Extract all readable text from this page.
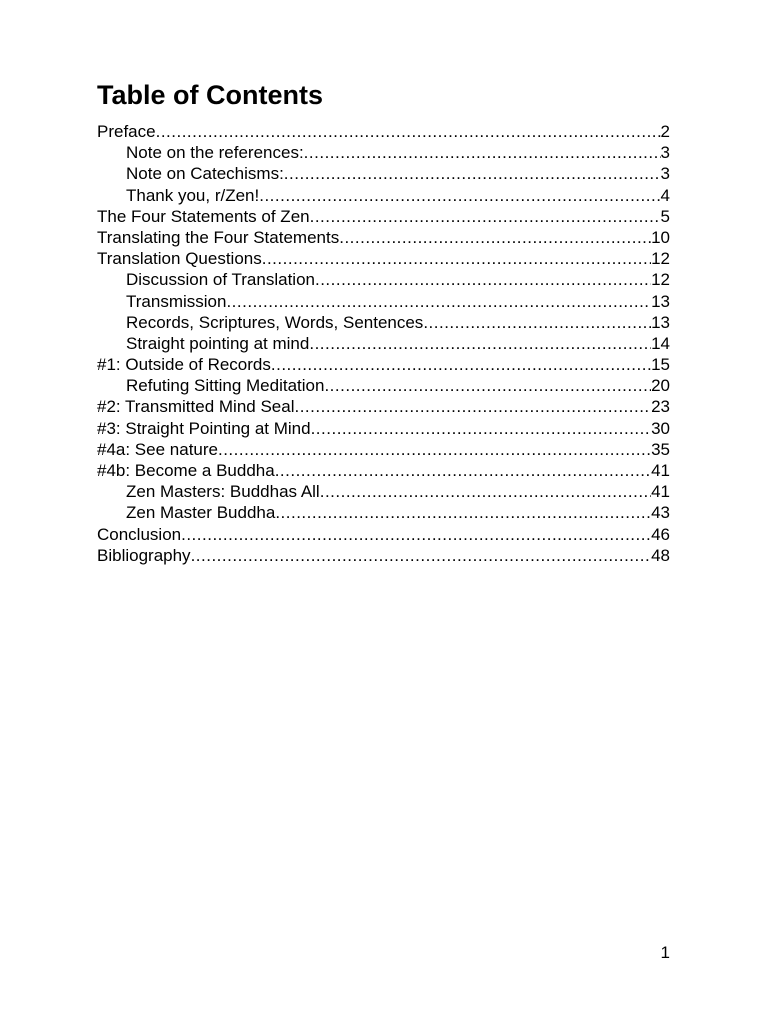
Table of Contents
Preface .....	2
Note on the references: .....	3
Note on Catechisms: .....	3
Thank you, r/Zen! .....	4
The Four Statements of Zen .....	5
Translating the Four Statements .....	10
Translation Questions .....	12
Discussion of Translation .....	12
Transmission .....	13
Records, Scriptures, Words, Sentences .....	13
Straight pointing at mind .....	14
#1: Outside of Records .....	15
Refuting Sitting Meditation .....	20
#2: Transmitted Mind Seal .....	23
#3: Straight Pointing at Mind .....	30
#4a: See nature .....	35
#4b: Become a Buddha .....	41
Zen Masters: Buddhas All .....	41
Zen Master Buddha .....	43
Conclusion .....	46
Bibliography .....	48
1
